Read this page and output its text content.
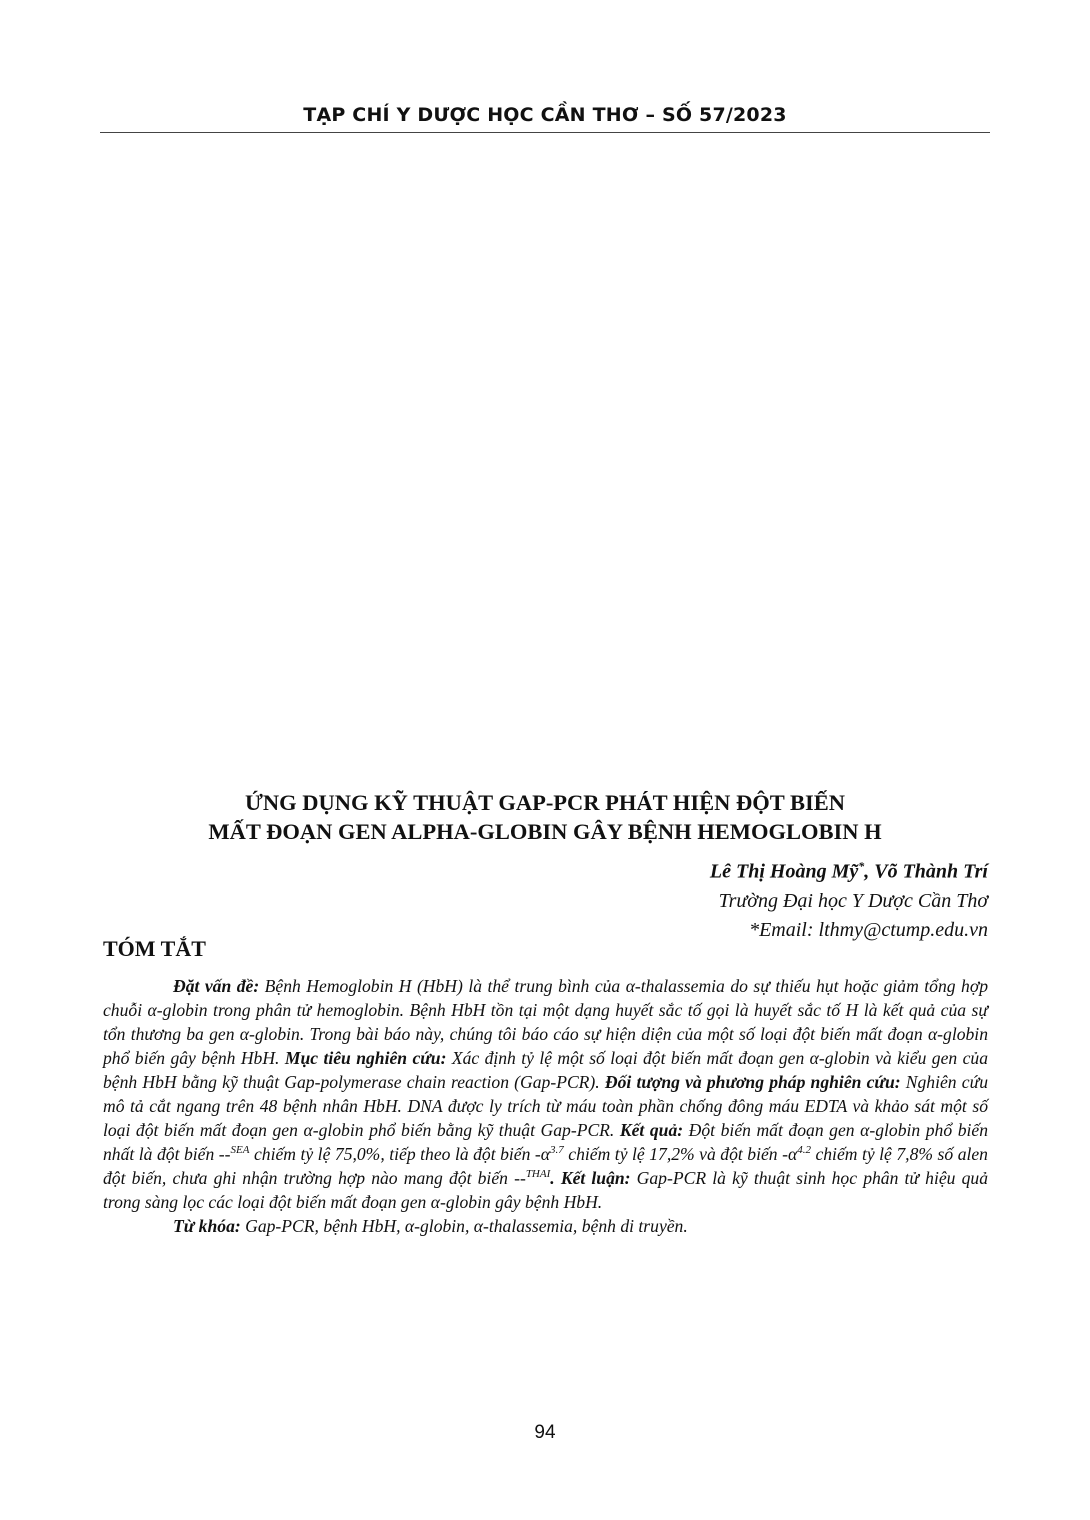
TẠP CHÍ Y DƯỢC HỌC CẦN THƠ – SỐ 57/2023
ỨNG DỤNG KỸ THUẬT GAP-PCR PHÁT HIỆN ĐỘT BIẾN
MẤT ĐOẠN GEN ALPHA-GLOBIN GÂY BỆNH HEMOGLOBIN H
Lê Thị Hoàng Mỹ*, Võ Thành Trí
Trường Đại học Y Dược Cần Thơ
*Email: lthmy@ctump.edu.vn
TÓM TẮT

Đặt vấn đề: Bệnh Hemoglobin H (HbH) là thể trung bình của α-thalassemia do sự thiếu hụt hoặc giảm tổng hợp chuỗi α-globin trong phân tử hemoglobin. Bệnh HbH tồn tại một dạng huyết sắc tố gọi là huyết sắc tố H là kết quả của sự tổn thương ba gen α-globin. Trong bài báo này, chúng tôi báo cáo sự hiện diện của một số loại đột biến mất đoạn α-globin phổ biến gây bệnh HbH. Mục tiêu nghiên cứu: Xác định tỷ lệ một số loại đột biến mất đoạn gen α-globin và kiểu gen của bệnh HbH bằng kỹ thuật Gap-polymerase chain reaction (Gap-PCR). Đối tượng và phương pháp nghiên cứu: Nghiên cứu mô tả cắt ngang trên 48 bệnh nhân HbH. DNA được ly trích từ máu toàn phần chống đông máu EDTA và khảo sát một số loại đột biến mất đoạn gen α-globin phổ biến bằng kỹ thuật Gap-PCR. Kết quả: Đột biến mất đoạn gen α-globin phổ biến nhất là đột biến --$^{SEA}$ chiếm tỷ lệ 75,0%, tiếp theo là đột biến $-\alpha^{3.7}$ chiếm tỷ lệ 17,2% và đột biến $-\alpha^{4.2}$ chiếm tỷ lệ 7,8% số alen đột biến, chưa ghi nhận trường hợp nào mang đột biến --$^{THAI}$. Kết luận: Gap-PCR là kỹ thuật sinh học phân tử hiệu quả trong sàng lọc các loại đột biến mất đoạn gen α-globin gây bệnh HbH.

Từ khóa: Gap-PCR, bệnh HbH, α-globin, α-thalassemia, bệnh di truyền.

94
